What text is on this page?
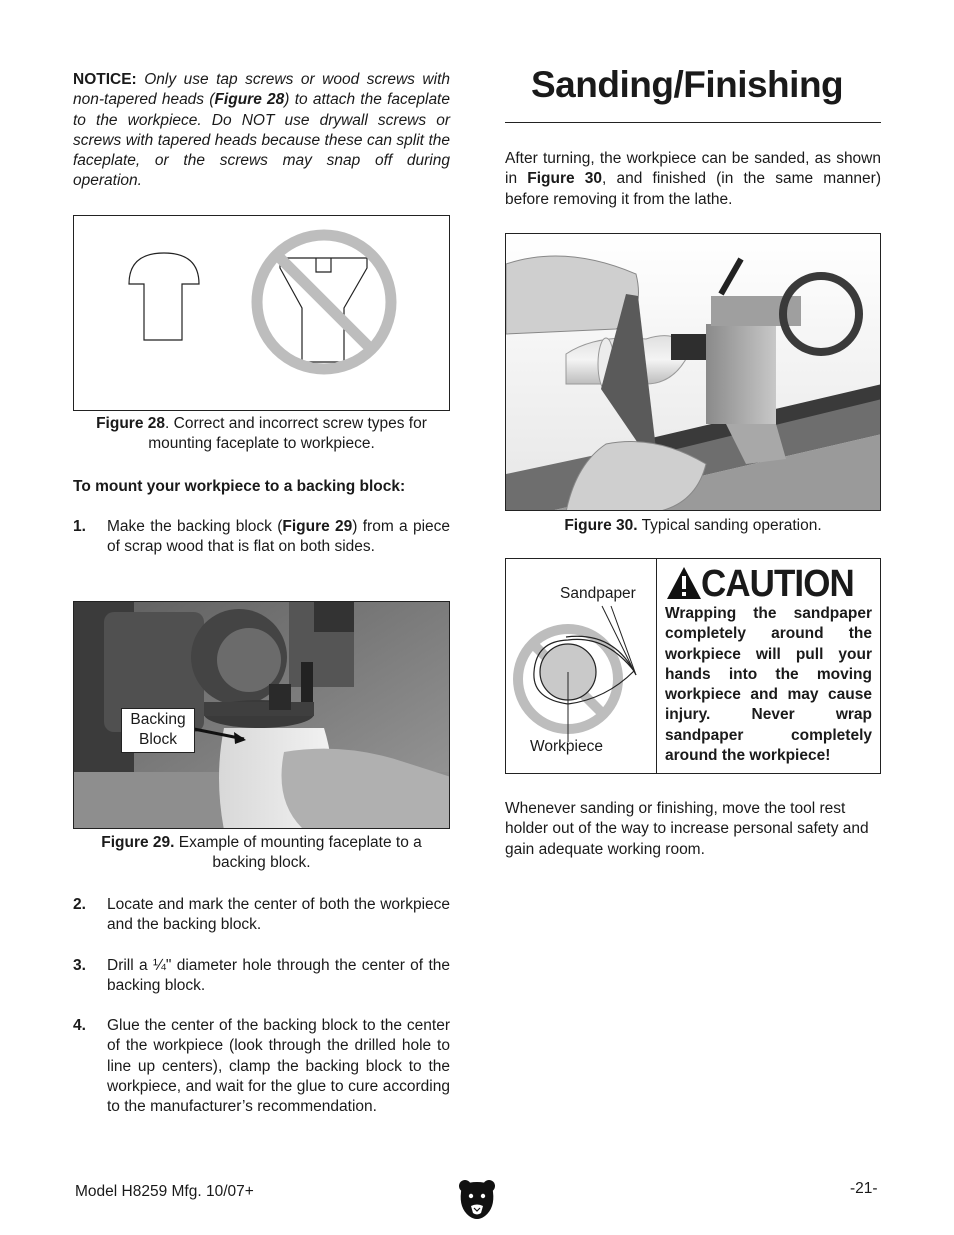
NOTICE: Only use tap screws or wood screws with non-tapered heads (Figure 28) to attach the faceplate to the workpiece. Do NOT use drywall screws or screws with tapered heads because these can split the faceplate, or the screws may snap off during operation.
Figure 28. Correct and incorrect screw types for mounting faceplate to workpiece.
To mount your workpiece to a backing block:
1. Make the backing block (Figure 29) from a piece of scrap wood that is flat on both sides.
Backing Block
Figure 29. Example of mounting faceplate to a backing block.
2. Locate and mark the center of both the workpiece and the backing block.
3. Drill a ¼" diameter hole through the center of the backing block.
4. Glue the center of the backing block to the center of the workpiece (look through the drilled hole to line up centers), clamp the backing block to the workpiece, and wait for the glue to cure according to the manufacturer’s recommendation.
Sanding/Finishing
After turning, the workpiece can be sanded, as shown in Figure 30, and finished (in the same manner) before removing it from the lathe.
Figure 30. Typical sanding operation.
Sandpaper
Workpiece
CAUTION
Wrapping the sandpaper completely around the workpiece will pull your hands into the moving workpiece and may cause injury. Never wrap sandpaper completely around the workpiece!
Whenever sanding or finishing, move the tool rest holder out of the way to increase personal safety and gain adequate working room.
Model H8259 Mfg. 10/07+	-21-
